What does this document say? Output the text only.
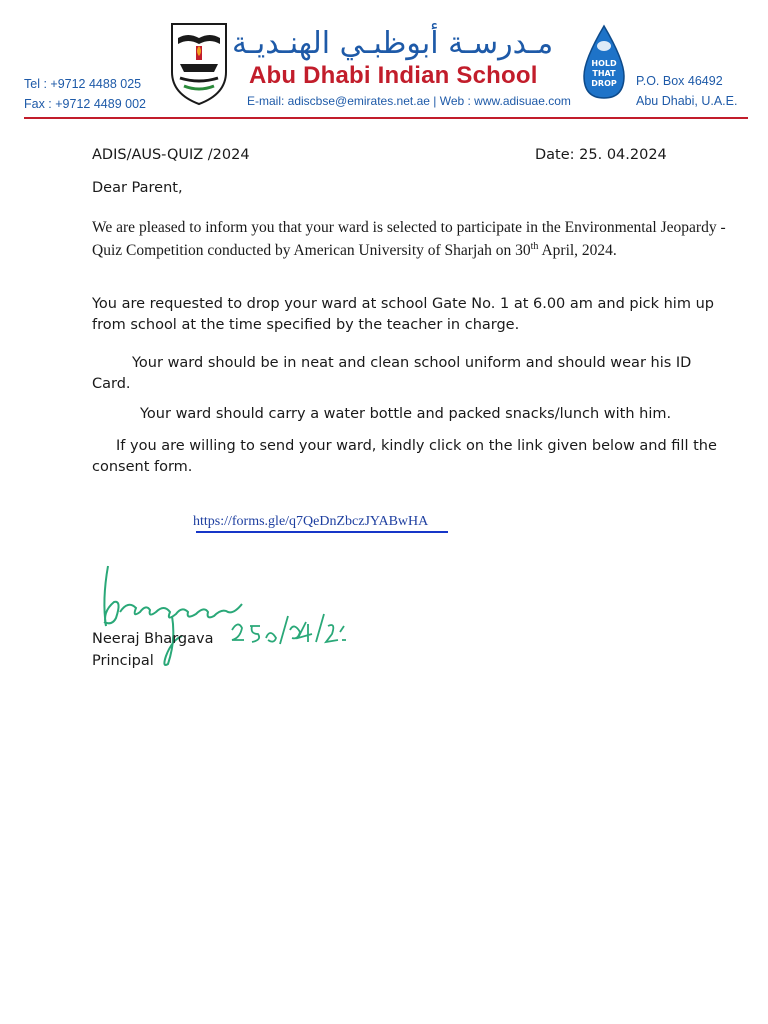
Tel : +9712 4488 025
Fax : +9712 4489 002
مـدرسـة أبوظبـي الهنـديـة
Abu Dhabi Indian School
E-mail: adiscbse@emirates.net.ae | Web : www.adisuae.com
HOLD
THAT
DROP P.O. Box 46492
Abu Dhabi, U.A.E.
ADIS/AUS-QUIZ /2024	Date: 25. 04.2024
Dear Parent,
We are pleased to inform you that your ward is selected to participate in the Environmental Jeopardy - Quiz Competition conducted by American University of Sharjah on 30th April, 2024.
You are requested to drop your ward at school Gate No. 1 at 6.00 am and pick him up from school at the time specified by the teacher in charge.
Your ward should be in neat and clean school uniform and should wear his ID Card.
Your ward should carry a water bottle and packed snacks/lunch with him.
If you are willing to send your ward, kindly click on the link given below and fill the consent form.
https://forms.gle/q7QeDnZbczJYABwHA
Neeraj Bhargava
Principal
